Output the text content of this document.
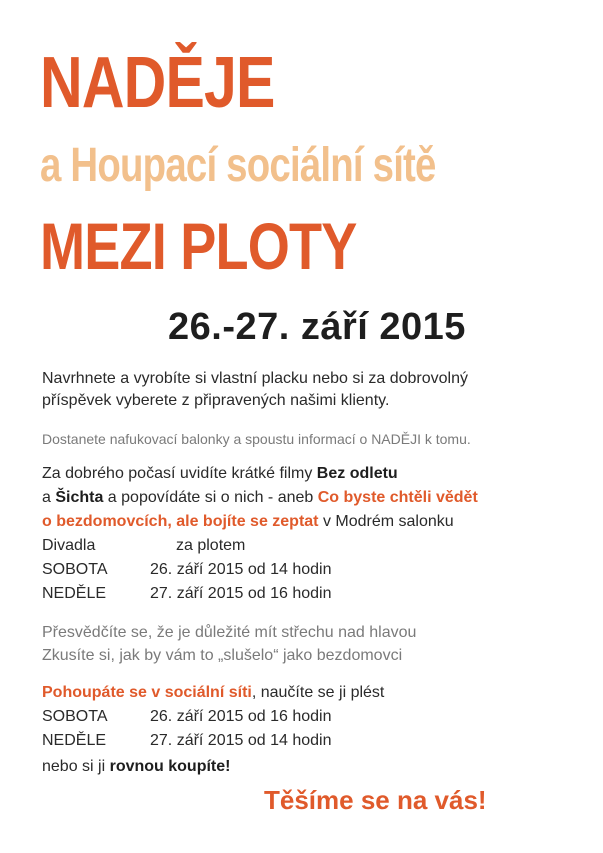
NADĚJE
a Houpací sociální sítě
MEZI PLOTY
26.-27. září 2015
Navrhnete a vyrobíte si vlastní placku nebo si za dobrovolný
příspěvek vyberete z připravených našimi klienty.
Dostanete nafukovací balonky a spoustu informací o NADĚJI k tomu.
Za dobrého počasí uvidíte krátké filmy Bez odletu
a Šichta a popovídáte si o nich - aneb Co byste chtěli vědět
o bezdomovcích, ale bojíte se zeptat v Modrém salonku
Divadla	za plotem
SOBOTA	26. září 2015 od 14 hodin
NEDĚLE	27. září 2015 od 16 hodin
Přesvědčíte se, že je důležité mít střechu nad hlavou
Zkusíte si, jak by vám to „slušelo“ jako bezdomovci
Pohoupáte se v sociální síti, naučíte se ji plést
SOBOTA	26. září 2015 od 16 hodin
NEDĚLE	27. září 2015 od 14 hodin
nebo si ji rovnou koupíte!
Těšíme se na vás!
